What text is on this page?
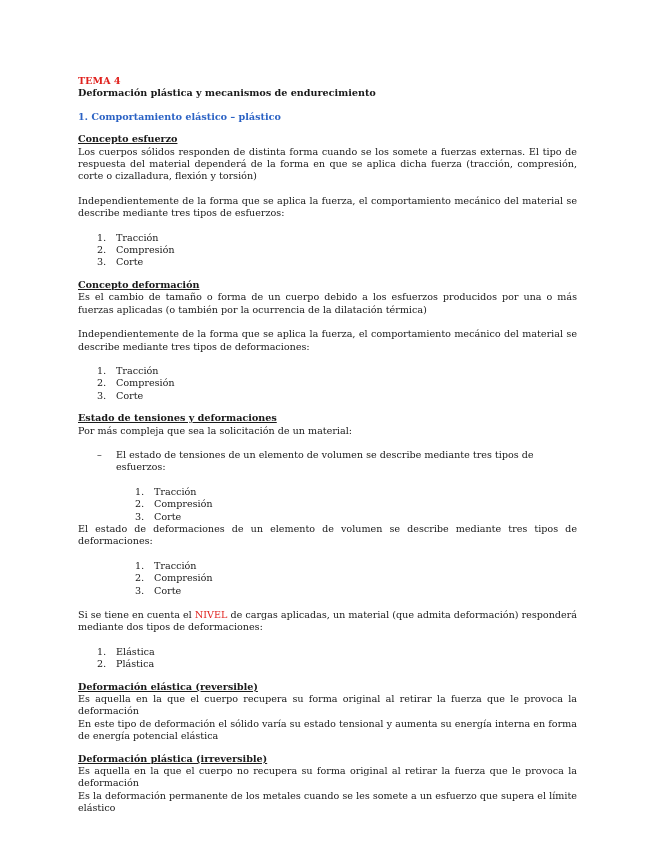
TEMA 4
Deformación plástica y mecanismos de endurecimiento
1. Comportamiento elástico – plástico
Concepto esfuerzo

Los cuerpos sólidos responden de distinta forma cuando se los somete a fuerzas externas. El tipo de respuesta del material dependerá de la forma en que se aplica dicha fuerza (tracción, compresión, corte o cizalladura, flexión y torsión)

Independientemente de la forma que se aplica la fuerza, el comportamiento mecánico del material se describe mediante tres tipos de esfuerzos:

1.	Tracción
2.	Compresión
3.	Corte
Concepto deformación

Es el cambio de tamaño o forma de un cuerpo debido a los esfuerzos producidos por una o más fuerzas aplicadas (o también por la ocurrencia de la dilatación térmica)

Independientemente de la forma que se aplica la fuerza, el comportamiento mecánico del material se describe mediante tres tipos de deformaciones:

1.	Tracción
2.	Compresión
3.	Corte
Estado de tensiones y deformaciones

Por más compleja que sea la solicitación de un material:

–	El estado de tensiones de un elemento de volumen se describe mediante tres tipos de esfuerzos:
1.	Tracción
2.	Compresión
3.	Corte

El estado de deformaciones de un elemento de volumen se describe mediante tres tipos de deformaciones:

1.	Tracción
2.	Compresión
3.	Corte

Si se tiene en cuenta el NIVEL de cargas aplicadas, un material (que admita deformación) responderá mediante dos tipos de deformaciones:

1.	Elástica
2.	Plástica
Deformación elástica (reversible)

Es aquella en la que el cuerpo recupera su forma original al retirar la fuerza que le provoca la deformación

En este tipo de deformación el sólido varía su estado tensional y aumenta su energía interna en forma de energía potencial elástica

Deformación plástica (irreversible)

Es aquella en la que el cuerpo no recupera su forma original al retirar la fuerza que le provoca la deformación

Es la deformación permanente de los metales cuando se les somete a un esfuerzo que supera el límite elástico
